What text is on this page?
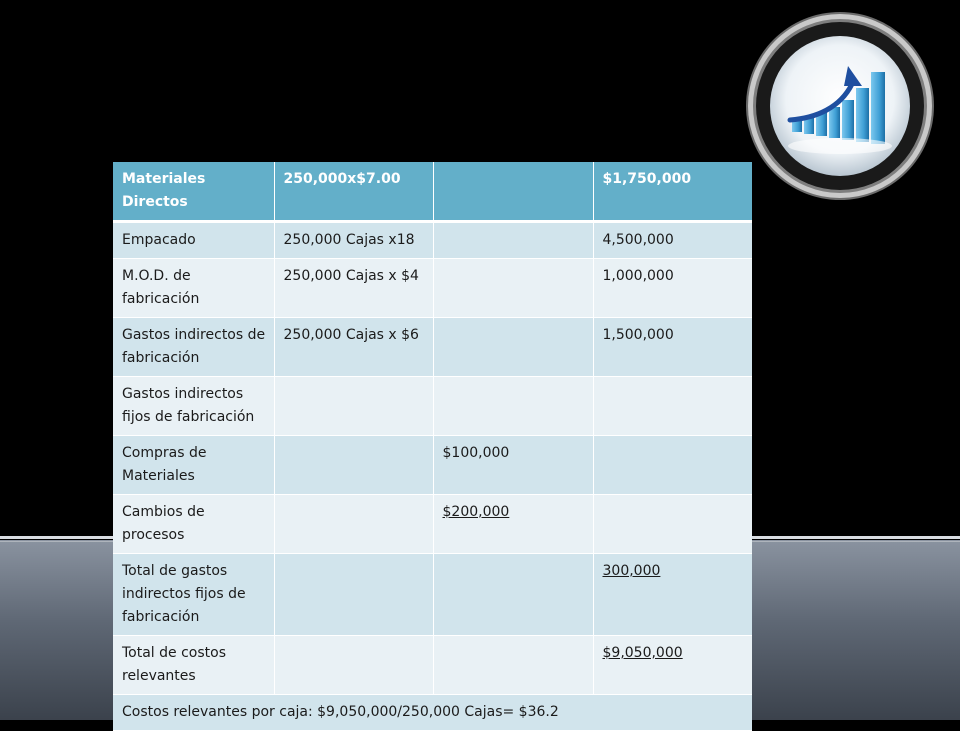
Materiales Directos	250,000x$7.00		$1,750,000
Empacado	250,000 Cajas x18		4,500,000
M.O.D. de fabricación	250,000 Cajas x $4		1,000,000
Gastos indirectos de fabricación	250,000 Cajas x $6		1,500,000
Gastos indirectos fijos de fabricación			
Compras de Materiales		$100,000	
Cambios de procesos		$200,000	
Total de gastos indirectos fijos de fabricación			300,000
Total de costos relevantes			$9,050,000
Costos relevantes por caja: $9,050,000/250,000 Cajas= $36.2			
